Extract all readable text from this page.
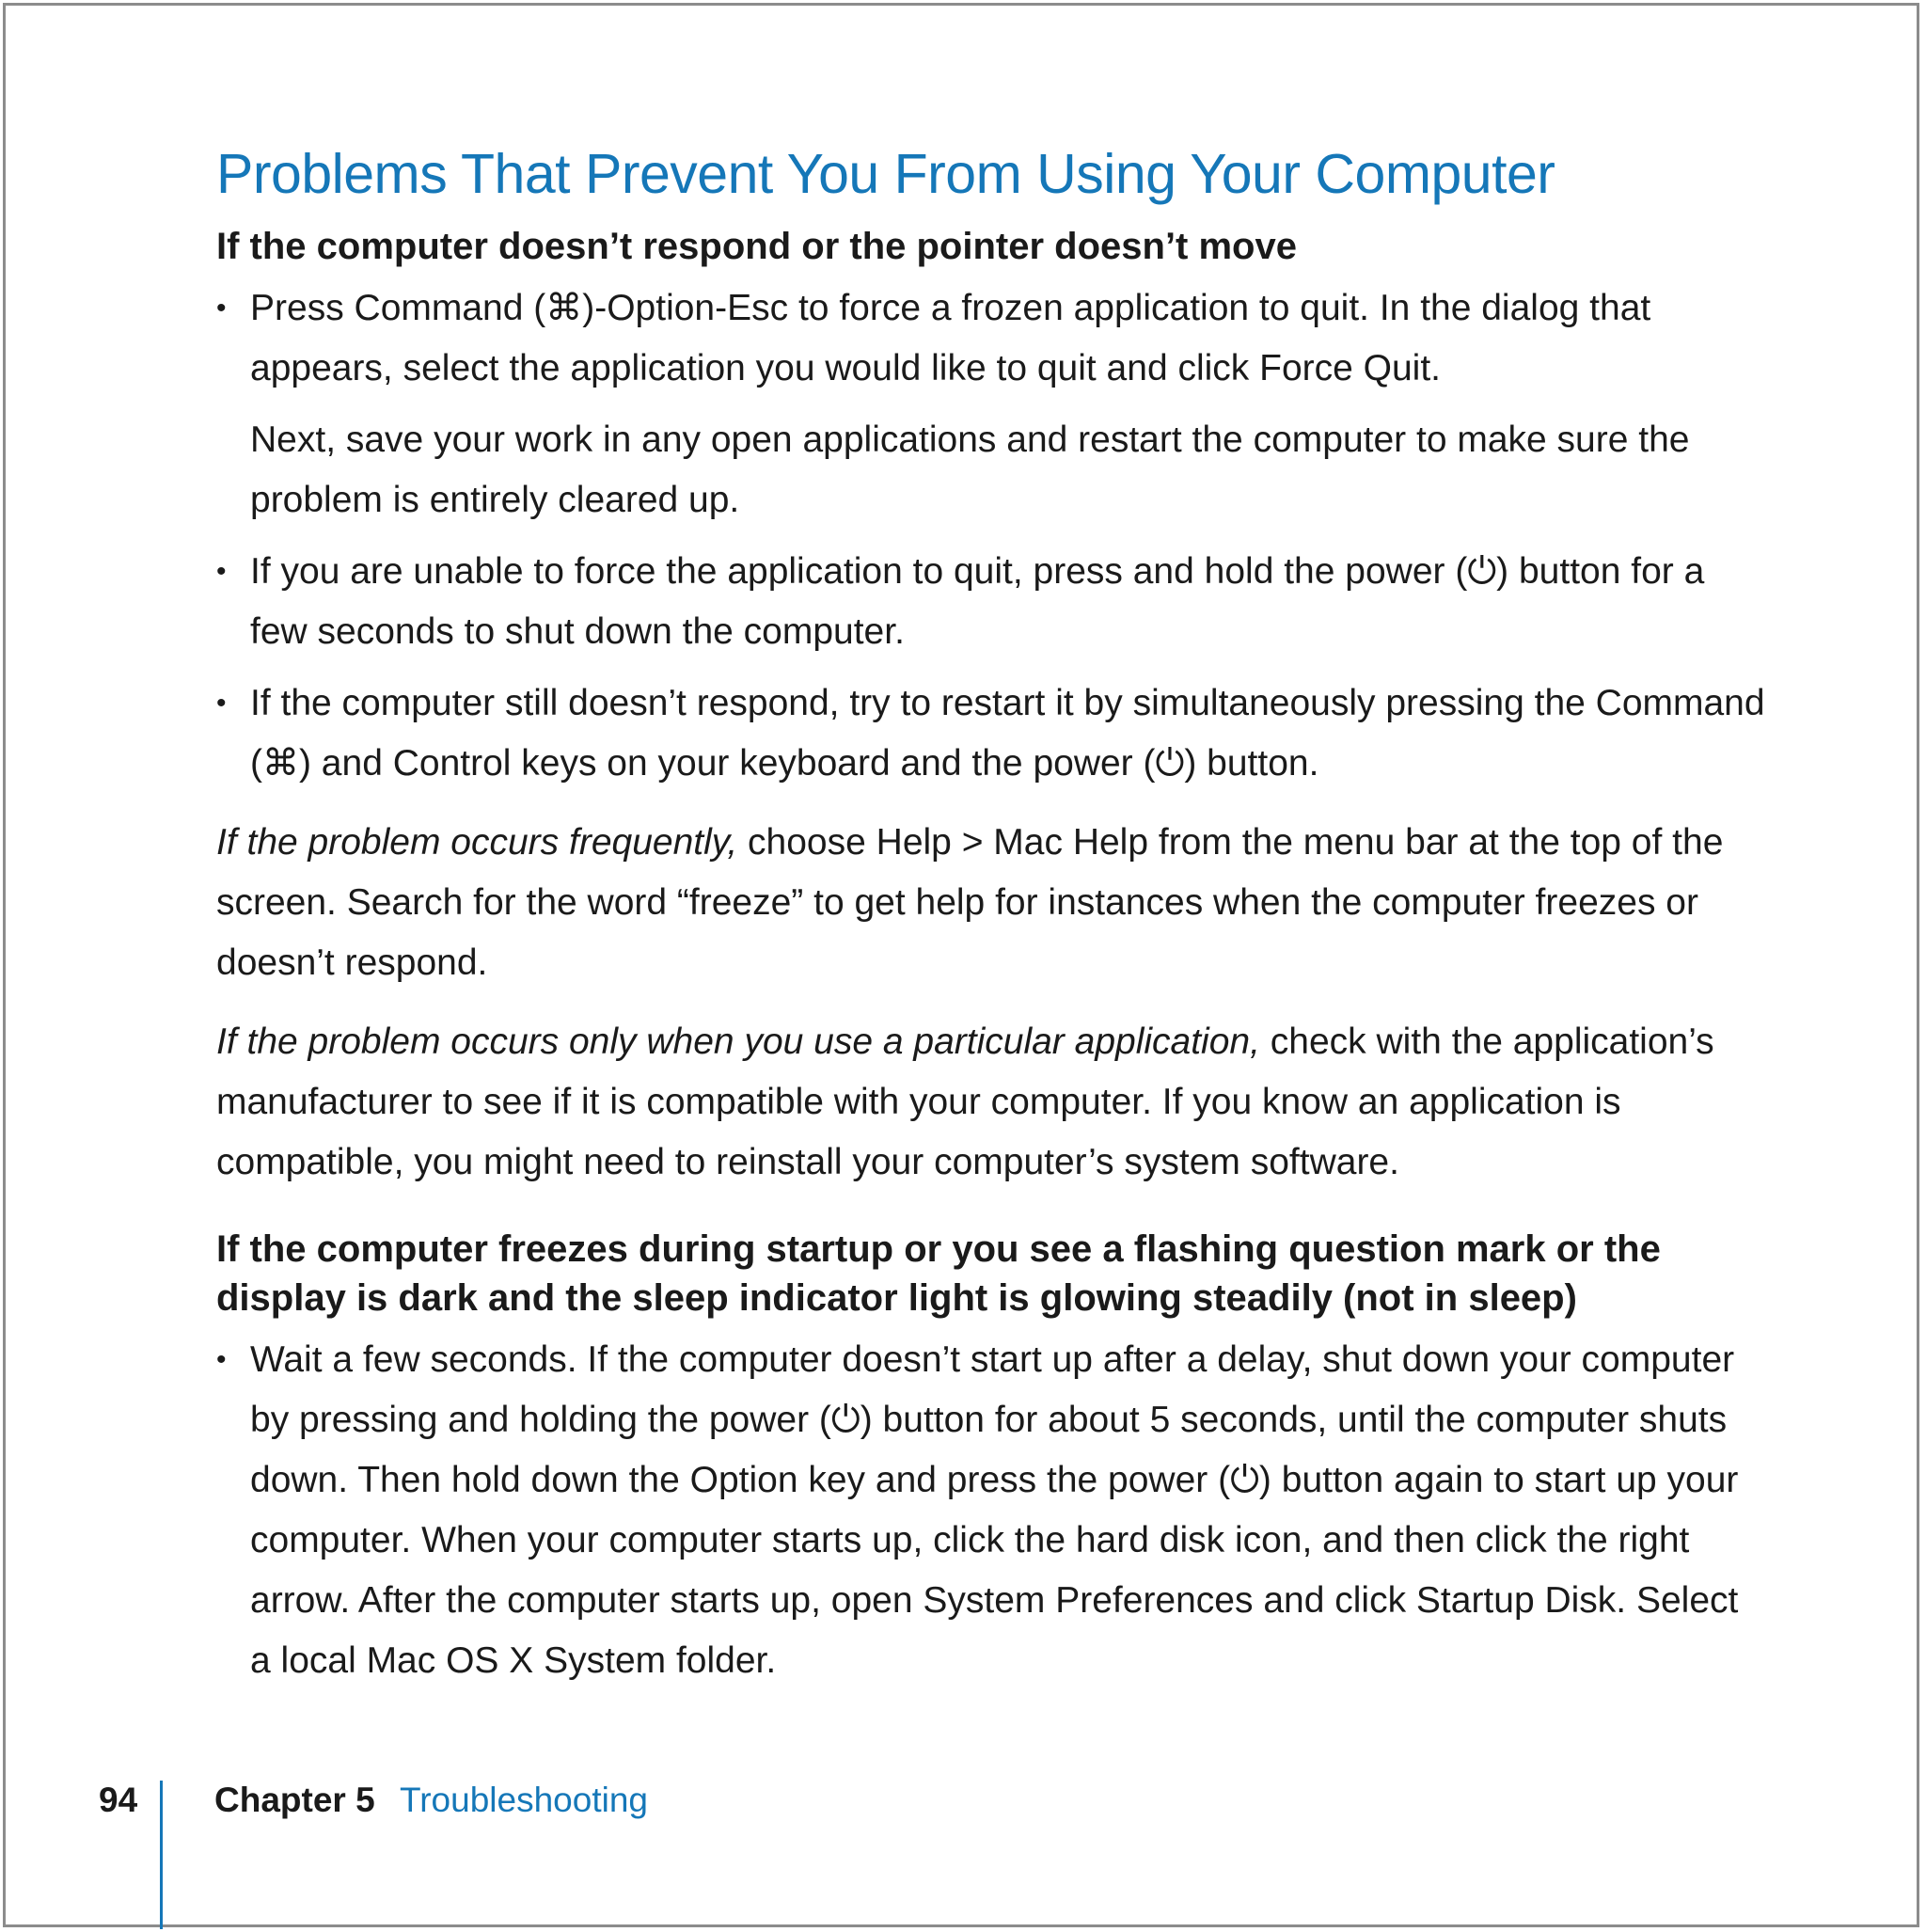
Problems That Prevent You From Using Your Computer
If the computer doesn’t respond or the pointer doesn’t move
• Press Command (⌘)-Option-Esc to force a frozen application to quit. In the dialog that appears, select the application you would like to quit and click Force Quit.

Next, save your work in any open applications and restart the computer to make sure the problem is entirely cleared up.

• If you are unable to force the application to quit, press and hold the power (⏻) button for a few seconds to shut down the computer.

• If the computer still doesn’t respond, try to restart it by simultaneously pressing the Command (⌘) and Control keys on your keyboard and the power (⏻) button.

If the problem occurs frequently, choose Help > Mac Help from the menu bar at the top of the screen. Search for the word “freeze” to get help for instances when the computer freezes or doesn’t respond.

If the problem occurs only when you use a particular application, check with the application’s manufacturer to see if it is compatible with your computer. If you know an application is compatible, you might need to reinstall your computer’s system software.

If the computer freezes during startup or you see a flashing question mark or the display is dark and the sleep indicator light is glowing steadily (not in sleep)
• Wait a few seconds. If the computer doesn’t start up after a delay, shut down your computer by pressing and holding the power (⏻) button for about 5 seconds, until the computer shuts down. Then hold down the Option key and press the power (⏻) button again to start up your computer. When your computer starts up, click the hard disk icon, and then click the right arrow. After the computer starts up, open System Preferences and click Startup Disk. Select a local Mac OS X System folder.

94 Chapter 5 Troubleshooting
